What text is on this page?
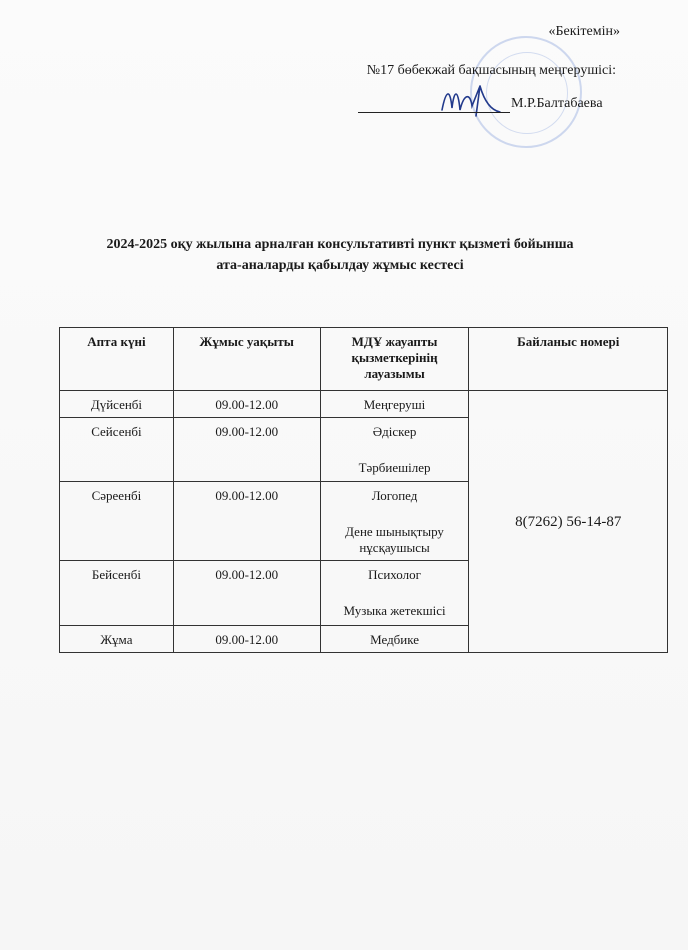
«Бекітемін»
№17 бөбекжай бақшасының меңгерушісі:
М.Р.Балтабаева
2024-2025 оқу жылына арналған консультативті пункт қызметі бойынша
ата-аналарды қабылдау жұмыс кестесі
Апта күні	Жұмыс уақыты	МДҰ жауапты қызметкерінің лауазымы	Байланыс номері
Дүйсенбі	09.00-12.00	Меңгеруші	8(7262) 56-14-87
Сейсенбі	09.00-12.00	Әдіскер
Тәрбиешілер	

Сәреенбі	09.00-12.00	Логопед
Дене шынықтыру нұсқаушысы	

Бейсенбі	09.00-12.00	Психолог
Музыка жетекшісі	

Жұма	09.00-12.00	Медбике	
